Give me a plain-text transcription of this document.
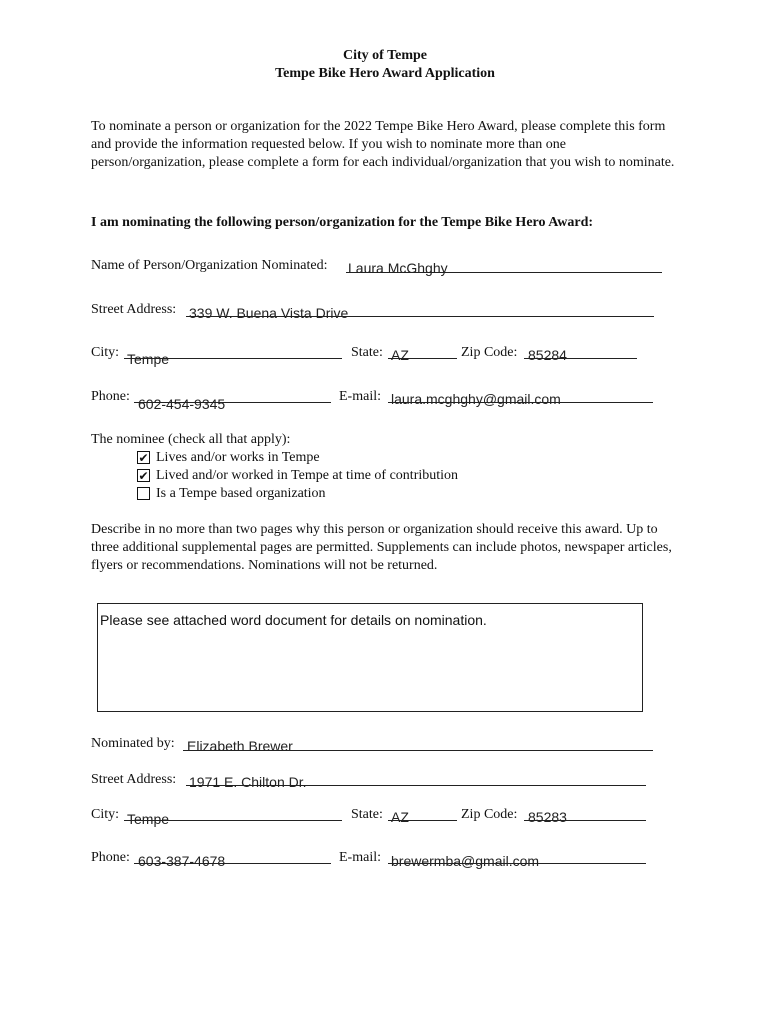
City of Tempe
Tempe Bike Hero Award Application
To nominate a person or organization for the 2022 Tempe Bike Hero Award, please complete this form and provide the information requested below. If you wish to nominate more than one person/organization, please complete a form for each individual/organization that you wish to nominate.
I am nominating the following person/organization for the Tempe Bike Hero Award:
Name of Person/Organization Nominated: Laura McGhghy
Street Address: 339 W. Buena Vista Drive
City: Tempe	State: AZ	Zip Code: 85284
Phone: 602-454-9345	E-mail: laura.mcghghy@gmail.com
The nominee (check all that apply):
✔ Lives and/or works in Tempe
✔ Lived and/or worked in Tempe at time of contribution
Is a Tempe based organization
Describe in no more than two pages why this person or organization should receive this award. Up to three additional supplemental pages are permitted. Supplements can include photos, newspaper articles, flyers or recommendations. Nominations will not be returned.
Please see attached word document for details on nomination.
Nominated by: Elizabeth Brewer
Street Address: 1971 E. Chilton Dr.
City: Tempe	State: AZ	Zip Code: 85283
Phone: 603-387-4678	E-mail: brewermba@gmail.com
